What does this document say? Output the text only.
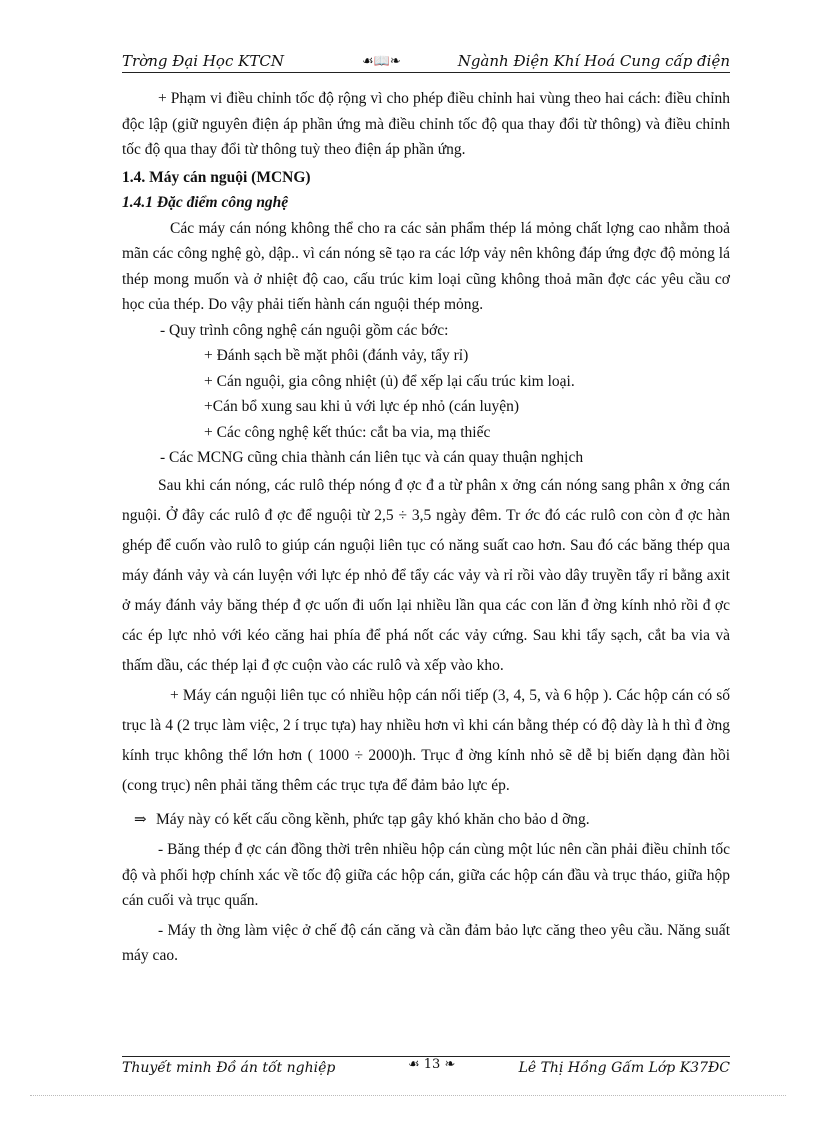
Trờng Đại Học KTCN	☙📖❧	Ngành Điện Khí Hoá Cung cấp điện

+ Phạm vi điều chỉnh tốc độ rộng vì cho phép điều chỉnh hai vùng theo hai cách: điều chỉnh độc lập (giữ nguyên điện áp phần ứng mà điều chỉnh tốc độ qua thay đổi từ thông) và điều chỉnh tốc độ qua thay đổi từ thông tuỳ theo điện áp phần ứng.

1.4. Máy cán nguội (MCNG)

1.4.1 Đặc điểm công nghệ

Các máy cán nóng không thể cho ra các sản phẩm thép lá mỏng chất lợng cao nhằm thoả mãn các công nghệ gò, dập.. vì cán nóng sẽ tạo ra các lớp vảy nên không đáp ứng đợc độ mỏng lá thép mong muốn và ở nhiệt độ cao, cấu trúc kim loại cũng không thoả mãn đợc các yêu cầu cơ học của thép. Do vậy phải tiến hành cán nguội thép mỏng.

- Quy trình công nghệ cán nguội gồm các bớc:

+ Đánh sạch bề mặt phôi (đánh vảy, tẩy rỉ)

+ Cán nguội, gia công nhiệt (ủ) để xếp lại cấu trúc kim loại.

+Cán bổ xung sau khi ủ với lực ép nhỏ (cán luyện)

+ Các công nghệ kết thúc: cắt ba via, mạ thiếc

- Các MCNG cũng chia thành cán liên tục và cán quay thuận nghịch

Sau khi cán nóng, các rulô thép nóng đ ợc đ a từ phân x ởng cán nóng sang phân x ởng cán nguội. Ở đây các rulô đ ợc để nguội từ 2,5 ÷ 3,5 ngày đêm. Tr ớc đó các rulô con còn đ ợc hàn ghép để cuốn vào rulô to giúp cán nguội liên tục có năng suất cao hơn. Sau đó các băng thép qua máy đánh vảy và cán luyện với lực ép nhỏ để tẩy các vảy và rỉ rồi vào dây truyền tẩy rỉ bằng axit ở máy đánh vảy băng thép đ ợc uốn đi uốn lại nhiều lần qua các con lăn đ ờng kính nhỏ rồi đ ợc các ép lực nhỏ với kéo căng hai phía để phá nốt các vảy cứng. Sau khi tẩy sạch, cắt ba via và thấm dầu, các thép lại đ ợc cuộn vào các rulô và xếp vào kho.

+ Máy cán nguội liên tục có nhiều hộp cán nối tiếp (3, 4, 5, và 6 hộp ). Các hộp cán có số trục là 4 (2 trục làm việc, 2 í trục tựa) hay nhiều hơn vì khi cán bằng thép có độ dày là h thì đ ờng kính trục không thể lớn hơn ( 1000 ÷ 2000)h. Trục đ ờng kính nhỏ sẽ dễ bị biến dạng đàn hồi (cong trục) nên phải tăng thêm các trục tựa để đảm bảo lực ép.

⇒ Máy này có kết cấu cồng kềnh, phức tạp gây khó khăn cho bảo d ỡng.

- Băng thép đ ợc cán đồng thời trên nhiều hộp cán cùng một lúc nên cần phải điều chỉnh tốc độ và phối hợp chính xác về tốc độ giữa các hộp cán, giữa các hộp cán đầu và trục tháo, giữa hộp cán cuối và trục quấn.

- Máy th ờng làm việc ở chế độ cán căng và cần đảm bảo lực căng theo yêu cầu. Năng suất máy cao.

Thuyết minh Đồ án tốt nghiệp	☙ 13 ❧	Lê Thị Hồng Gấm Lớp K37ĐC
